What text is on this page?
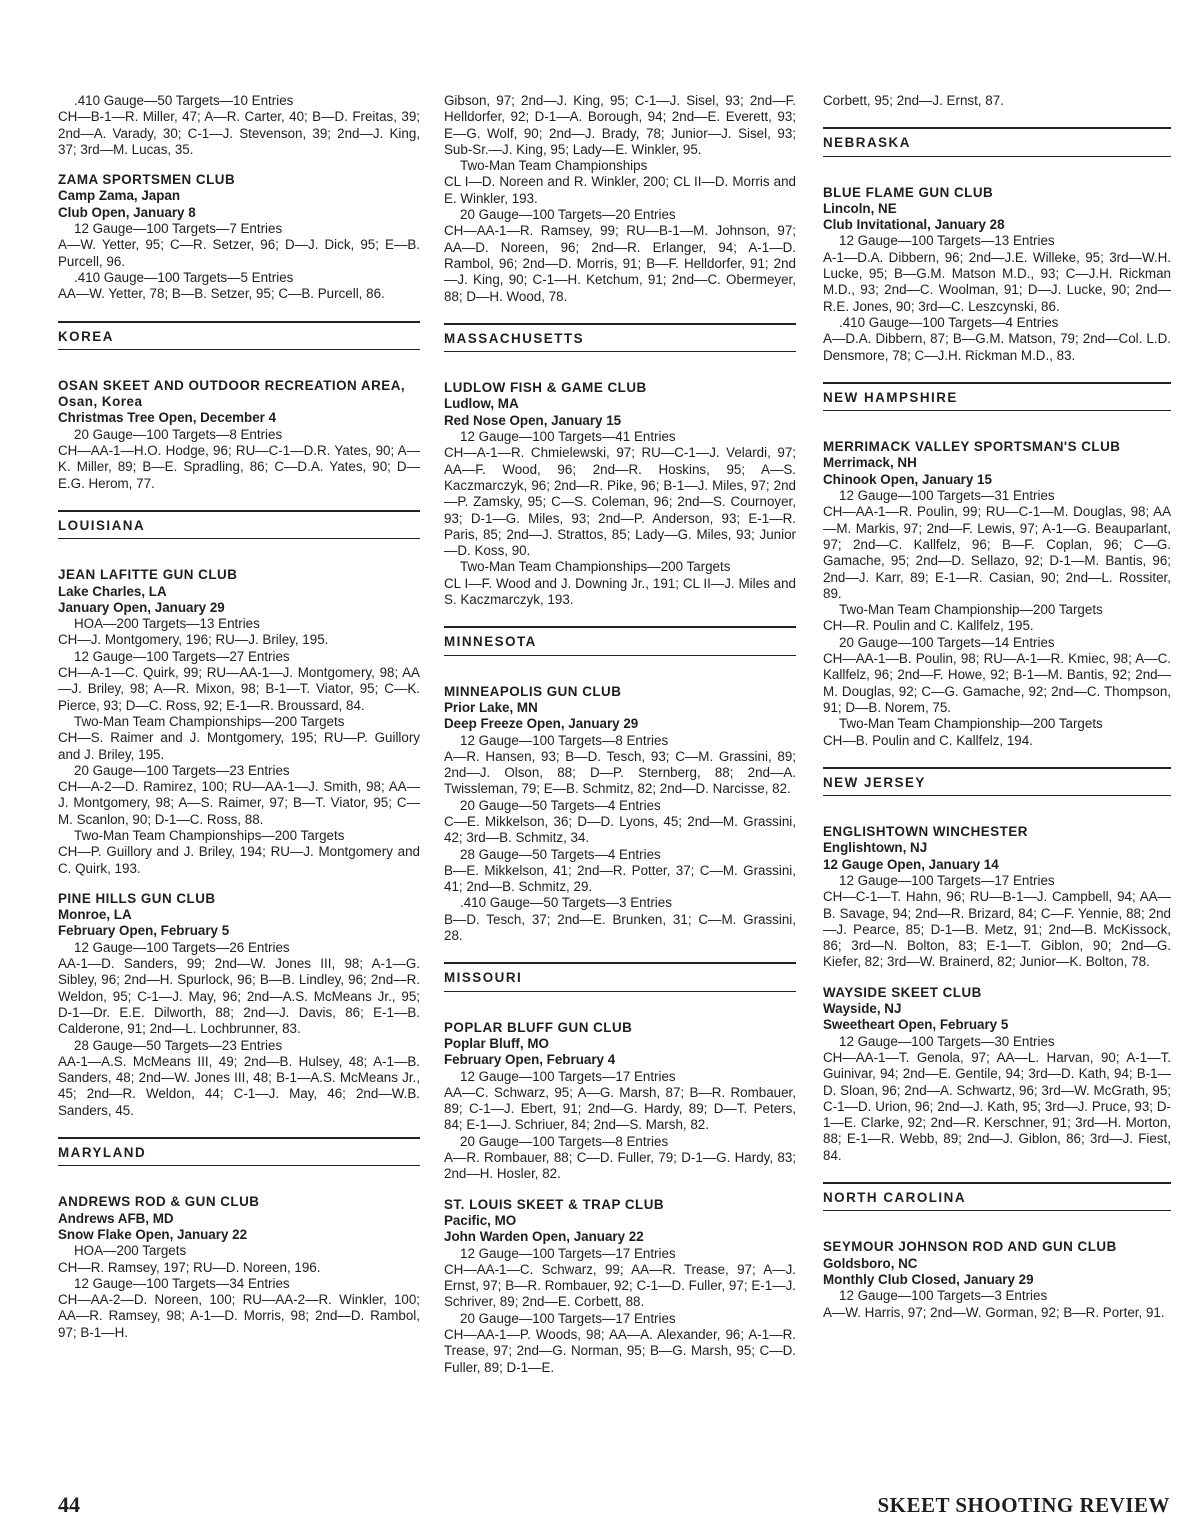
.410 Gauge—50 Targets—10 Entries

CH—B-1—R. Miller, 47; A—R. Carter, 40; B—D. Freitas, 39; 2nd—A. Varady, 30; C-1—J. Stevenson, 39; 2nd—J. King, 37; 3rd—M. Lucas, 35.

ZAMA SPORTSMEN CLUB
Camp Zama, Japan
Club Open, January 8

12 Gauge—100 Targets—7 Entries

A—W. Yetter, 95; C—R. Setzer, 96; D—J. Dick, 95; E—B. Purcell, 96.

.410 Gauge—100 Targets—5 Entries

AA—W. Yetter, 78; B—B. Setzer, 95; C—B. Purcell, 86.

KOREA
OSAN SKEET AND OUTDOOR RECREATION AREA, Osan, Korea
Christmas Tree Open, December 4

20 Gauge—100 Targets—8 Entries

CH—AA-1—H.O. Hodge, 96; RU—C-1—D.R. Yates, 90; A—K. Miller, 89; B—E. Spradling, 86; C—D.A. Yates, 90; D—E.G. Herom, 77.

LOUISIANA
JEAN LAFITTE GUN CLUB
Lake Charles, LA
January Open, January 29

HOA—200 Targets—13 Entries

CH—J. Montgomery, 196; RU—J. Briley, 195.

12 Gauge—100 Targets—27 Entries

CH—A-1—C. Quirk, 99; RU—AA-1—J. Montgomery, 98; AA—J. Briley, 98; A—R. Mixon, 98; B-1—T. Viator, 95; C—K. Pierce, 93; D—C. Ross, 92; E-1—R. Broussard, 84.

Two-Man Team Championships—200 Targets

CH—S. Raimer and J. Montgomery, 195; RU—P. Guillory and J. Briley, 195.

20 Gauge—100 Targets—23 Entries

CH—A-2—D. Ramirez, 100; RU—AA-1—J. Smith, 98; AA—J. Montgomery, 98; A—S. Raimer, 97; B—T. Viator, 95; C—M. Scanlon, 90; D-1—C. Ross, 88.

Two-Man Team Championships—200 Targets

CH—P. Guillory and J. Briley, 194; RU—J. Montgomery and C. Quirk, 193.

PINE HILLS GUN CLUB
Monroe, LA
February Open, February 5

12 Gauge—100 Targets—26 Entries

AA-1—D. Sanders, 99; 2nd—W. Jones III, 98; A-1—G. Sibley, 96; 2nd—H. Spurlock, 96; B—B. Lindley, 96; 2nd—R. Weldon, 95; C-1—J. May, 96; 2nd—A.S. McMeans Jr., 95; D-1—Dr. E.E. Dilworth, 88; 2nd—J. Davis, 86; E-1—B. Calderone, 91; 2nd—L. Lochbrunner, 83.

28 Gauge—50 Targets—23 Entries

AA-1—A.S. McMeans III, 49; 2nd—B. Hulsey, 48; A-1—B. Sanders, 48; 2nd—W. Jones III, 48; B-1—A.S. McMeans Jr., 45; 2nd—R. Weldon, 44; C-1—J. May, 46; 2nd—W.B. Sanders, 45.

MARYLAND
ANDREWS ROD & GUN CLUB
Andrews AFB, MD
Snow Flake Open, January 22

HOA—200 Targets

CH—R. Ramsey, 197; RU—D. Noreen, 196.

12 Gauge—100 Targets—34 Entries

CH—AA-2—D. Noreen, 100; RU—AA-2—R. Winkler, 100; AA—R. Ramsey, 98; A-1—D. Morris, 98; 2nd—D. Rambol, 97; B-1—H.

Gibson, 97; 2nd—J. King, 95; C-1—J. Sisel, 93; 2nd—F. Helldorfer, 92; D-1—A. Borough, 94; 2nd—E. Everett, 93; E—G. Wolf, 90; 2nd—J. Brady, 78; Junior—J. Sisel, 93; Sub-Sr.—J. King, 95; Lady—E. Winkler, 95.

Two-Man Team Championships

CL I—D. Noreen and R. Winkler, 200; CL II—D. Morris and E. Winkler, 193.

20 Gauge—100 Targets—20 Entries

CH—AA-1—R. Ramsey, 99; RU—B-1—M. Johnson, 97; AA—D. Noreen, 96; 2nd—R. Erlanger, 94; A-1—D. Rambol, 96; 2nd—D. Morris, 91; B—F. Helldorfer, 91; 2nd—J. King, 90; C-1—H. Ketchum, 91; 2nd—C. Obermeyer, 88; D—H. Wood, 78.

MASSACHUSETTS
LUDLOW FISH & GAME CLUB
Ludlow, MA
Red Nose Open, January 15

12 Gauge—100 Targets—41 Entries

CH—A-1—R. Chmielewski, 97; RU—C-1—J. Velardi, 97; AA—F. Wood, 96; 2nd—R. Hoskins, 95; A—S. Kaczmarczyk, 96; 2nd—R. Pike, 96; B-1—J. Miles, 97; 2nd—P. Zamsky, 95; C—S. Coleman, 96; 2nd—S. Cournoyer, 93; D-1—G. Miles, 93; 2nd—P. Anderson, 93; E-1—R. Paris, 85; 2nd—J. Strattos, 85; Lady—G. Miles, 93; Junior—D. Koss, 90.

Two-Man Team Championships—200 Targets

CL I—F. Wood and J. Downing Jr., 191; CL II—J. Miles and S. Kaczmarczyk, 193.

MINNESOTA
MINNEAPOLIS GUN CLUB
Prior Lake, MN
Deep Freeze Open, January 29

12 Gauge—100 Targets—8 Entries

A—R. Hansen, 93; B—D. Tesch, 93; C—M. Grassini, 89; 2nd—J. Olson, 88; D—P. Sternberg, 88; 2nd—A. Twissleman, 79; E—B. Schmitz, 82; 2nd—D. Narcisse, 82.

20 Gauge—50 Targets—4 Entries

C—E. Mikkelson, 36; D—D. Lyons, 45; 2nd—M. Grassini, 42; 3rd—B. Schmitz, 34.

28 Gauge—50 Targets—4 Entries

B—E. Mikkelson, 41; 2nd—R. Potter, 37; C—M. Grassini, 41; 2nd—B. Schmitz, 29.

.410 Gauge—50 Targets—3 Entries

B—D. Tesch, 37; 2nd—E. Brunken, 31; C—M. Grassini, 28.

MISSOURI
POPLAR BLUFF GUN CLUB
Poplar Bluff, MO
February Open, February 4

12 Gauge—100 Targets—17 Entries

AA—C. Schwarz, 95; A—G. Marsh, 87; B—R. Rombauer, 89; C-1—J. Ebert, 91; 2nd—G. Hardy, 89; D—T. Peters, 84; E-1—J. Schriuer, 84; 2nd—S. Marsh, 82.

20 Gauge—100 Targets—8 Entries

A—R. Rombauer, 88; C—D. Fuller, 79; D-1—G. Hardy, 83; 2nd—H. Hosler, 82.

ST. LOUIS SKEET & TRAP CLUB
Pacific, MO
John Warden Open, January 22

12 Gauge—100 Targets—17 Entries

CH—AA-1—C. Schwarz, 99; AA—R. Trease, 97; A—J. Ernst, 97; B—R. Rombauer, 92; C-1—D. Fuller, 97; E-1—J. Schriver, 89; 2nd—E. Corbett, 88.

20 Gauge—100 Targets—17 Entries

CH—AA-1—P. Woods, 98; AA—A. Alexander, 96; A-1—R. Trease, 97; 2nd—G. Norman, 95; B—G. Marsh, 95; C—D. Fuller, 89; D-1—E.

Corbett, 95; 2nd—J. Ernst, 87.

NEBRASKA
BLUE FLAME GUN CLUB
Lincoln, NE
Club Invitational, January 28

12 Gauge—100 Targets—13 Entries

A-1—D.A. Dibbern, 96; 2nd—J.E. Willeke, 95; 3rd—W.H. Lucke, 95; B—G.M. Matson M.D., 93; C—J.H. Rickman M.D., 93; 2nd—C. Woolman, 91; D—J. Lucke, 90; 2nd—R.E. Jones, 90; 3rd—C. Leszcynski, 86.

.410 Gauge—100 Targets—4 Entries

A—D.A. Dibbern, 87; B—G.M. Matson, 79; 2nd—Col. L.D. Densmore, 78; C—J.H. Rickman M.D., 83.

NEW HAMPSHIRE
MERRIMACK VALLEY SPORTSMAN'S CLUB
Merrimack, NH
Chinook Open, January 15

12 Gauge—100 Targets—31 Entries

CH—AA-1—R. Poulin, 99; RU—C-1—M. Douglas, 98; AA—M. Markis, 97; 2nd—F. Lewis, 97; A-1—G. Beauparlant, 97; 2nd—C. Kallfelz, 96; B—F. Coplan, 96; C—G. Gamache, 95; 2nd—D. Sellazo, 92; D-1—M. Bantis, 96; 2nd—J. Karr, 89; E-1—R. Casian, 90; 2nd—L. Rossiter, 89.

Two-Man Team Championship—200 Targets

CH—R. Poulin and C. Kallfelz, 195.

20 Gauge—100 Targets—14 Entries

CH—AA-1—B. Poulin, 98; RU—A-1—R. Kmiec, 98; A—C. Kallfelz, 96; 2nd—F. Howe, 92; B-1—M. Bantis, 92; 2nd—M. Douglas, 92; C—G. Gamache, 92; 2nd—C. Thompson, 91; D—B. Norem, 75.

Two-Man Team Championship—200 Targets

CH—B. Poulin and C. Kallfelz, 194.

NEW JERSEY
ENGLISHTOWN WINCHESTER
Englishtown, NJ
12 Gauge Open, January 14

12 Gauge—100 Targets—17 Entries

CH—C-1—T. Hahn, 96; RU—B-1—J. Campbell, 94; AA—B. Savage, 94; 2nd—R. Brizard, 84; C—F. Yennie, 88; 2nd—J. Pearce, 85; D-1—B. Metz, 91; 2nd—B. McKissock, 86; 3rd—N. Bolton, 83; E-1—T. Giblon, 90; 2nd—G. Kiefer, 82; 3rd—W. Brainerd, 82; Junior—K. Bolton, 78.

WAYSIDE SKEET CLUB
Wayside, NJ
Sweetheart Open, February 5

12 Gauge—100 Targets—30 Entries

CH—AA-1—T. Genola, 97; AA—L. Harvan, 90; A-1—T. Guinivar, 94; 2nd—E. Gentile, 94; 3rd—D. Kath, 94; B-1—D. Sloan, 96; 2nd—A. Schwartz, 96; 3rd—W. McGrath, 95; C-1—D. Urion, 96; 2nd—J. Kath, 95; 3rd—J. Pruce, 93; D-1—E. Clarke, 92; 2nd—R. Kerschner, 91; 3rd—H. Morton, 88; E-1—R. Webb, 89; 2nd—J. Giblon, 86; 3rd—J. Fiest, 84.

NORTH CAROLINA
SEYMOUR JOHNSON ROD AND GUN CLUB
Goldsboro, NC
Monthly Club Closed, January 29

12 Gauge—100 Targets—3 Entries

A—W. Harris, 97; 2nd—W. Gorman, 92; B—R. Porter, 91.

44	SKEET SHOOTING REVIEW
